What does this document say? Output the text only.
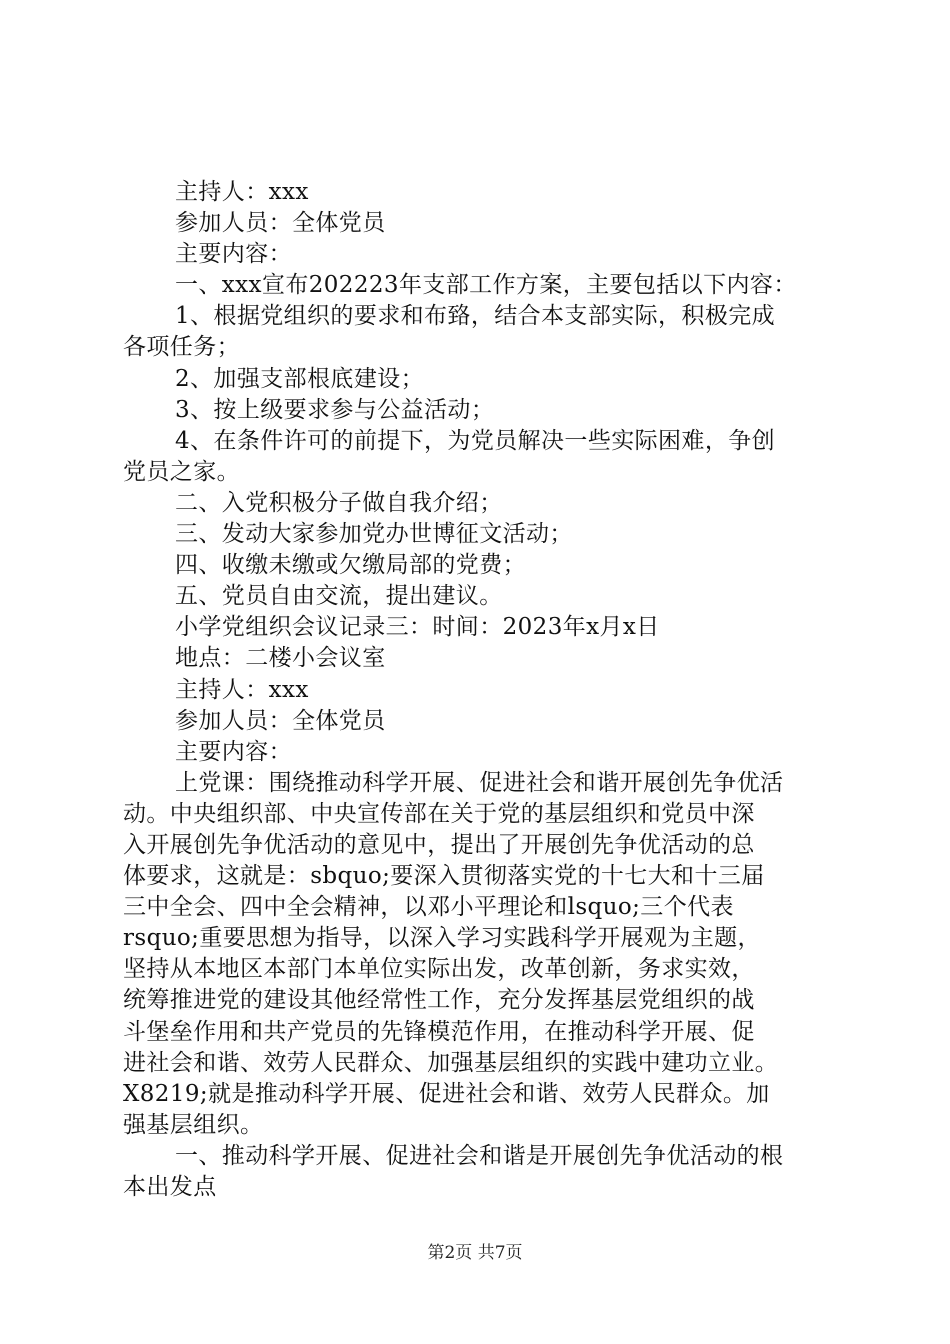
主持人：xxx
参加人员：全体党员
主要内容：
一、xxx宣布202223年支部工作方案，主要包括以下内容：
1、根据党组织的要求和布臵，结合本支部实际，积极完成
各项任务；
2、加强支部根底建设；
3、按上级要求参与公益活动；
4、在条件许可的前提下，为党员解决一些实际困难，争创
党员之家。
二、入党积极分子做自我介绍；
三、发动大家参加党办世博征文活动；
四、收缴未缴或欠缴局部的党费；
五、党员自由交流，提出建议。
小学党组织会议记录三：时间：2023年x月x日
地点：二楼小会议室
主持人：xxx
参加人员：全体党员
主要内容：
上党课：围绕推动科学开展、促进社会和谐开展创先争优活
动。中央组织部、中央宣传部在关于党的基层组织和党员中深
入开展创先争优活动的意见中，提出了开展创先争优活动的总
体要求，这就是：sbquo;要深入贯彻落实党的十七大和十三届
三中全会、四中全会精神，以邓小平理论和lsquo;三个代表
rsquo;重要思想为指导，以深入学习实践科学开展观为主题，
坚持从本地区本部门本单位实际出发，改革创新，务求实效，
统筹推进党的建设其他经常性工作，充分发挥基层党组织的战
斗堡垒作用和共产党员的先锋模范作用，在推动科学开展、促
进社会和谐、效劳人民群众、加强基层组织的实践中建功立业。
X8219;就是推动科学开展、促进社会和谐、效劳人民群众。加
强基层组织。
一、推动科学开展、促进社会和谐是开展创先争优活动的根
本出发点
第2页 共7页
